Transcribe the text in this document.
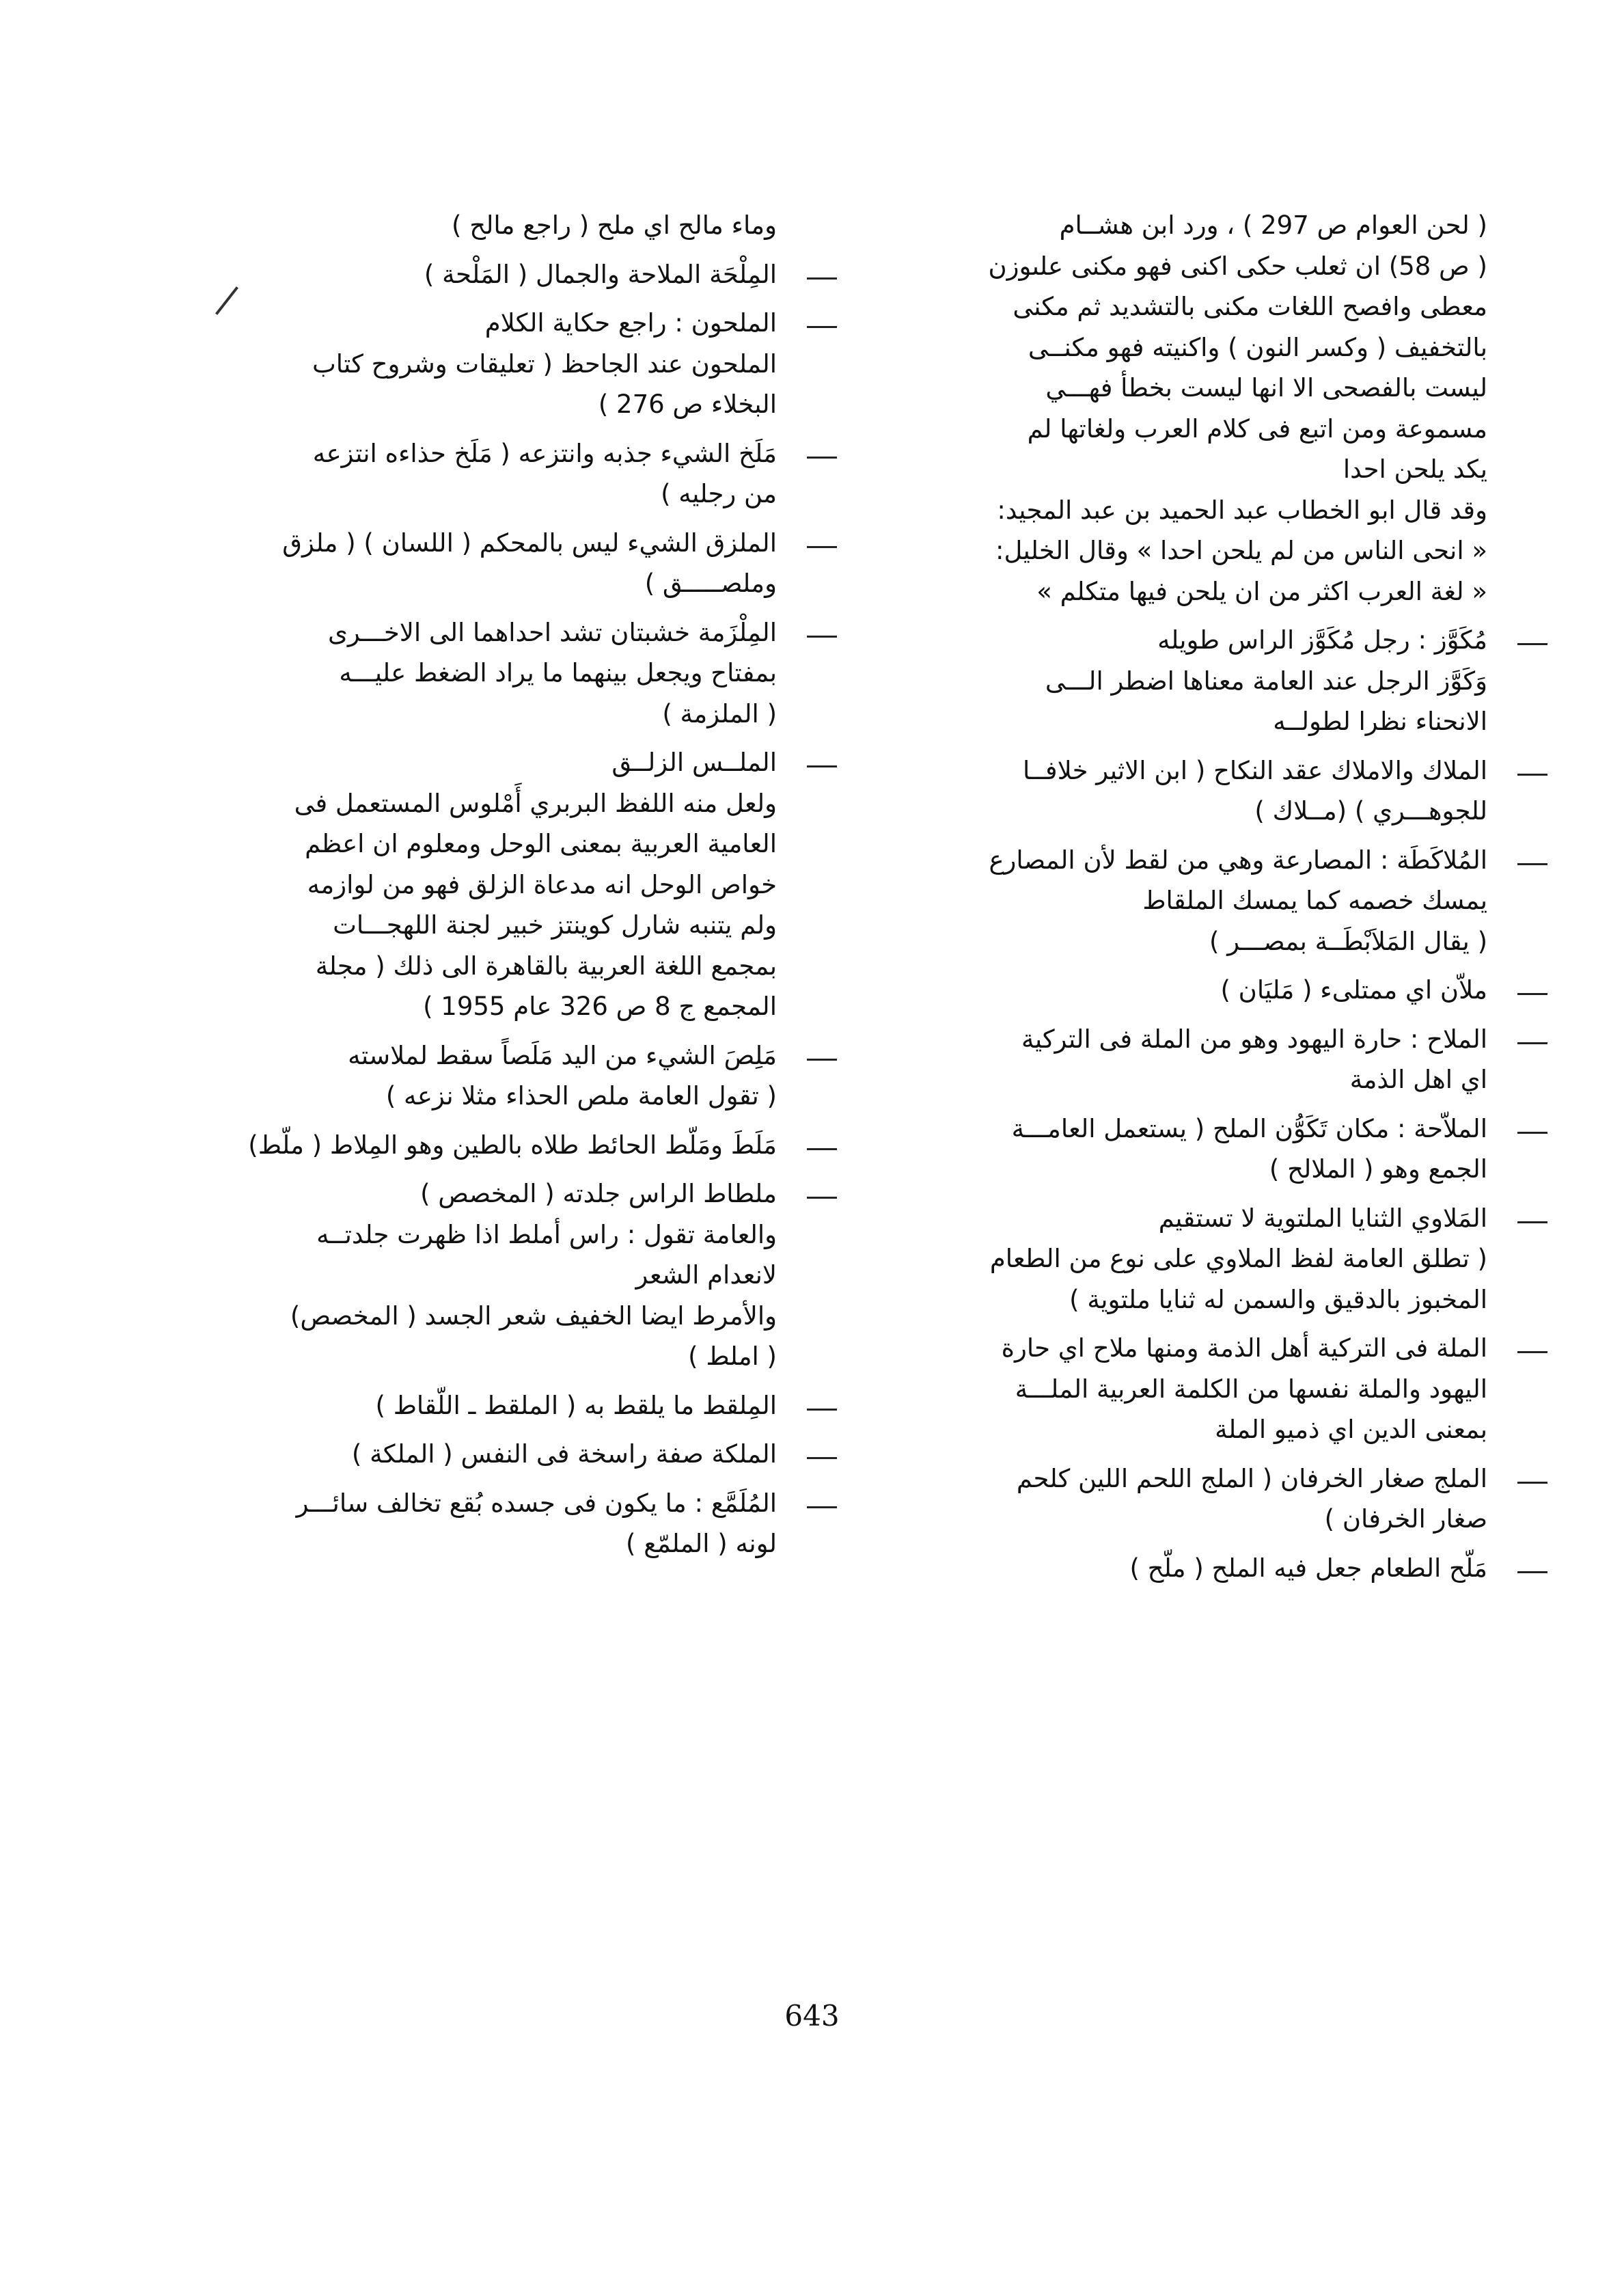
( لحن العوام ص 297 ) ، ورد ابن هشــام
( ص 58) ان ثعلب حكى اكنى فهو مكنى علىوزن
معطى وافصح اللغات مكنى بالتشديد ثم مكنى
بالتخفيف ( وكسر النون ) واكنيته فهو مكنــى
ليست بالفصحى الا انها ليست بخطأ فهـــي
مسموعة ومن اتبع فى كلام العرب ولغاتها لم
يكد يلحن احدا
وقد قال ابو الخطاب عبد الحميد بن عبد المجيد:
« انحى الناس من لم يلحن احدا » وقال الخليل:
« لغة العرب اكثر من ان يلحن فيها متكلم »
مُكَوَّز : رجل مُكَوَّز الراس طويله
وَكَوَّز الرجل عند العامة معناها اضطر الـــى
الانحناء نظرا لطولــه
الملاك والاملاك عقد النكاح ( ابن الاثير خلافــا
للجوهـــري ) (مــلاك )
المُلاكَطَة : المصارعة وهي من لقط لأن المصارع
يمسك خصمه كما يمسك الملقاط
( يقال المَلاَبْطَــة بمصـــر )
ملاّن اي ممتلىء ( مَليَان )
الملاح : حارة اليهود وهو من الملة فى التركية
اي اهل الذمة
الملاّحة : مكان تَكَوُّن الملح ( يستعمل العامـــة
الجمع وهو ( الملالح )
المَلاوي الثنايا الملتوية لا تستقيم
( تطلق العامة لفظ الملاوي على نوع من الطعام
المخبوز بالدقيق والسمن له ثنايا ملتوية )
الملة فى التركية أهل الذمة ومنها ملاح اي حارة
اليهود والملة نفسها من الكلمة العربية الملـــة
بمعنى الدين اي ذميو الملة
الملج صغار الخرفان ( الملج اللحم اللين كلحم
صغار الخرفان )
مَلّح الطعام جعل فيه الملح ( ملّح )
وماء مالح اي ملح ( راجع مالح )
المِلْحَة الملاحة والجمال ( المَلْحة )
الملحون : راجع حكاية الكلام
الملحون عند الجاحظ ( تعليقات وشروح كتاب
البخلاء ص 276 )
مَلَخ الشيء جذبه وانتزعه ( مَلَخ حذاءه انتزعه
من رجليه )
الملزق الشيء ليس بالمحكم ( اللسان ) ( ملزق
وملصـــــق )
المِلْزَمة خشبتان تشد احداهما الى الاخـــرى
بمفتاح ويجعل بينهما ما يراد الضغط عليـــه
( الملزمة )
الملــس الزلــق
ولعل منه اللفظ البربري أَمْلوس المستعمل فى
العامية العربية بمعنى الوحل ومعلوم ان اعظم
خواص الوحل انه مدعاة الزلق فهو من لوازمه
ولم يتنبه شارل كوينتز خبير لجنة اللهجـــات
بمجمع اللغة العربية بالقاهرة الى ذلك ( مجلة
المجمع ج 8 ص 326 عام 1955 )
مَلِصَ الشيء من اليد مَلَصاً سقط لملاسته
( تقول العامة ملص الحذاء مثلا نزعه )
مَلَطَ ومَلّط الحائط طلاه بالطين وهو المِلاط ( ملّط)
ملطاط الراس جلدته ( المخصص )
والعامة تقول : راس أملط اذا ظهرت جلدتــه
لانعدام الشعر
والأمرط ايضا الخفيف شعر الجسد ( المخصص)
( املط )
المِلقط ما يلقط به ( الملقط ـ اللّقاط )
الملكة صفة راسخة فى النفس ( الملكة )
المُلَمَّع : ما يكون فى جسده بُقع تخالف سائـــر
لونه ( الملمّع )
643
